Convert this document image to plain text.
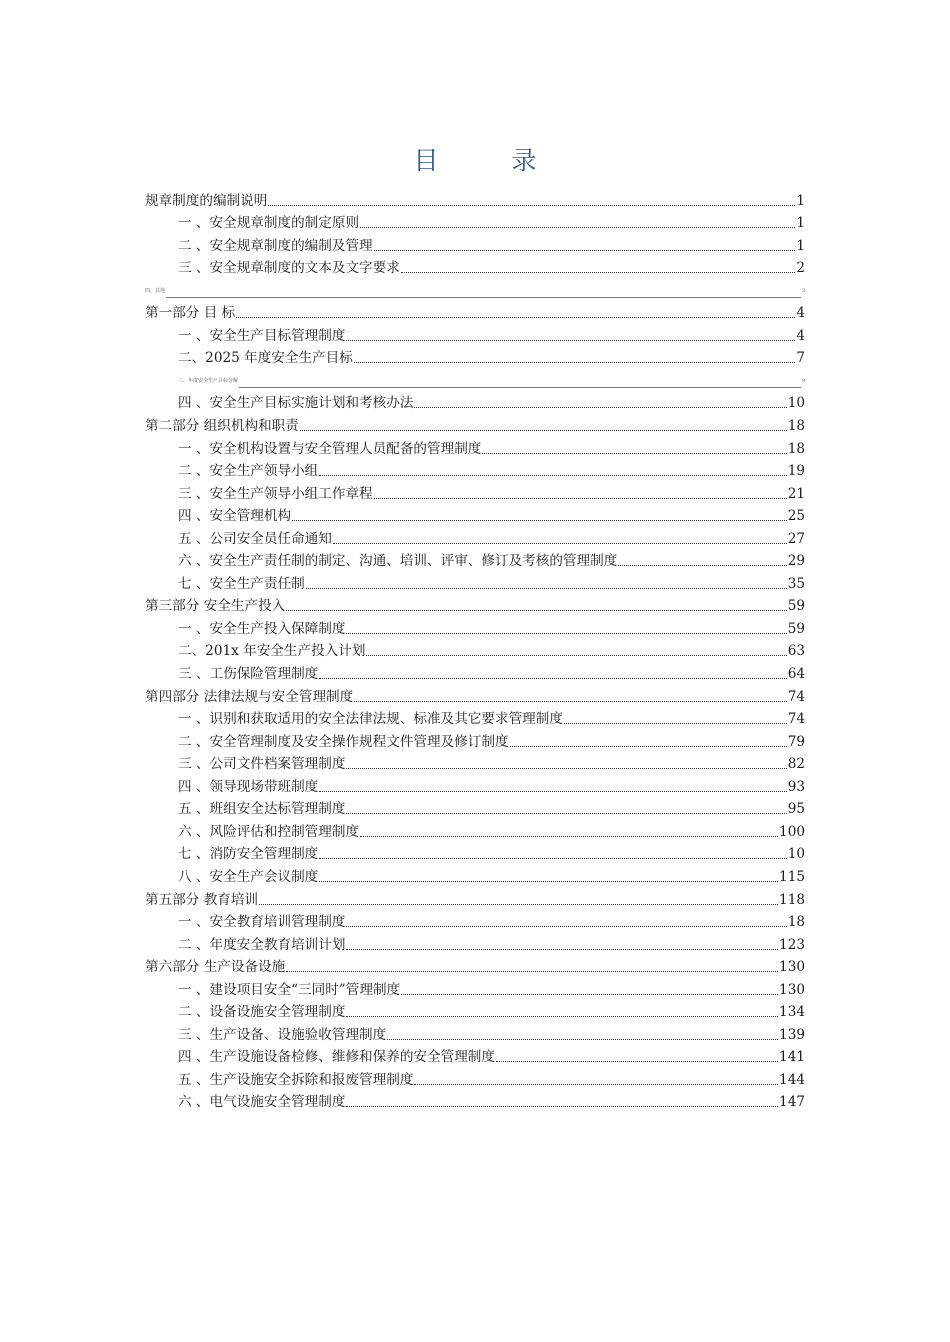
目　录
规章制度的编制说明	1
一 、安全规章制度的制定原则	1
二 、安全规章制度的编制及管理	1
三 、安全规章制度的文本及文字要求	2
四、其他	3
第一部分 目 标	4
一 、安全生产目标管理制度	4
二、2025 年度安全生产目标	7
三、年度安全生产目标分解	9
四 、安全生产目标实施计划和考核办法	10
第二部分 组织机构和职责	18
一 、安全机构设置与安全管理人员配备的管理制度	18
二 、安全生产领导小组	19
三 、安全生产领导小组工作章程	21
四 、安全管理机构	25
五 、公司安全员任命通知	27
六 、安全生产责任制的制定、沟通、培训、评审、修订及考核的管理制度	29
七 、安全生产责任制	35
第三部分 安全生产投入	59
一 、安全生产投入保障制度	59
二、201x 年安全生产投入计划	63
三 、工伤保险管理制度	64
第四部分 法律法规与安全管理制度	74
一 、识别和获取适用的安全法律法规、标准及其它要求管理制度	74
二 、安全管理制度及安全操作规程文件管理及修订制度	79
三 、公司文件档案管理制度	82
四 、领导现场带班制度	93
五 、班组安全达标管理制度	95
六 、风险评估和控制管理制度	100
七 、消防安全管理制度	10
八 、安全生产会议制度	115
第五部分 教育培训	118
一 、安全教育培训管理制度	18
二 、年度安全教育培训计划	123
第六部分 生产设备设施	130
一 、建设项目安全“三同时”管理制度	130
二 、设备设施安全管理制度	134
三 、生产设备、设施验收管理制度	139
四 、生产设施设备检修、维修和保养的安全管理制度	141
五 、生产设施安全拆除和报废管理制度	144
六 、电气设施安全管理制度	147
